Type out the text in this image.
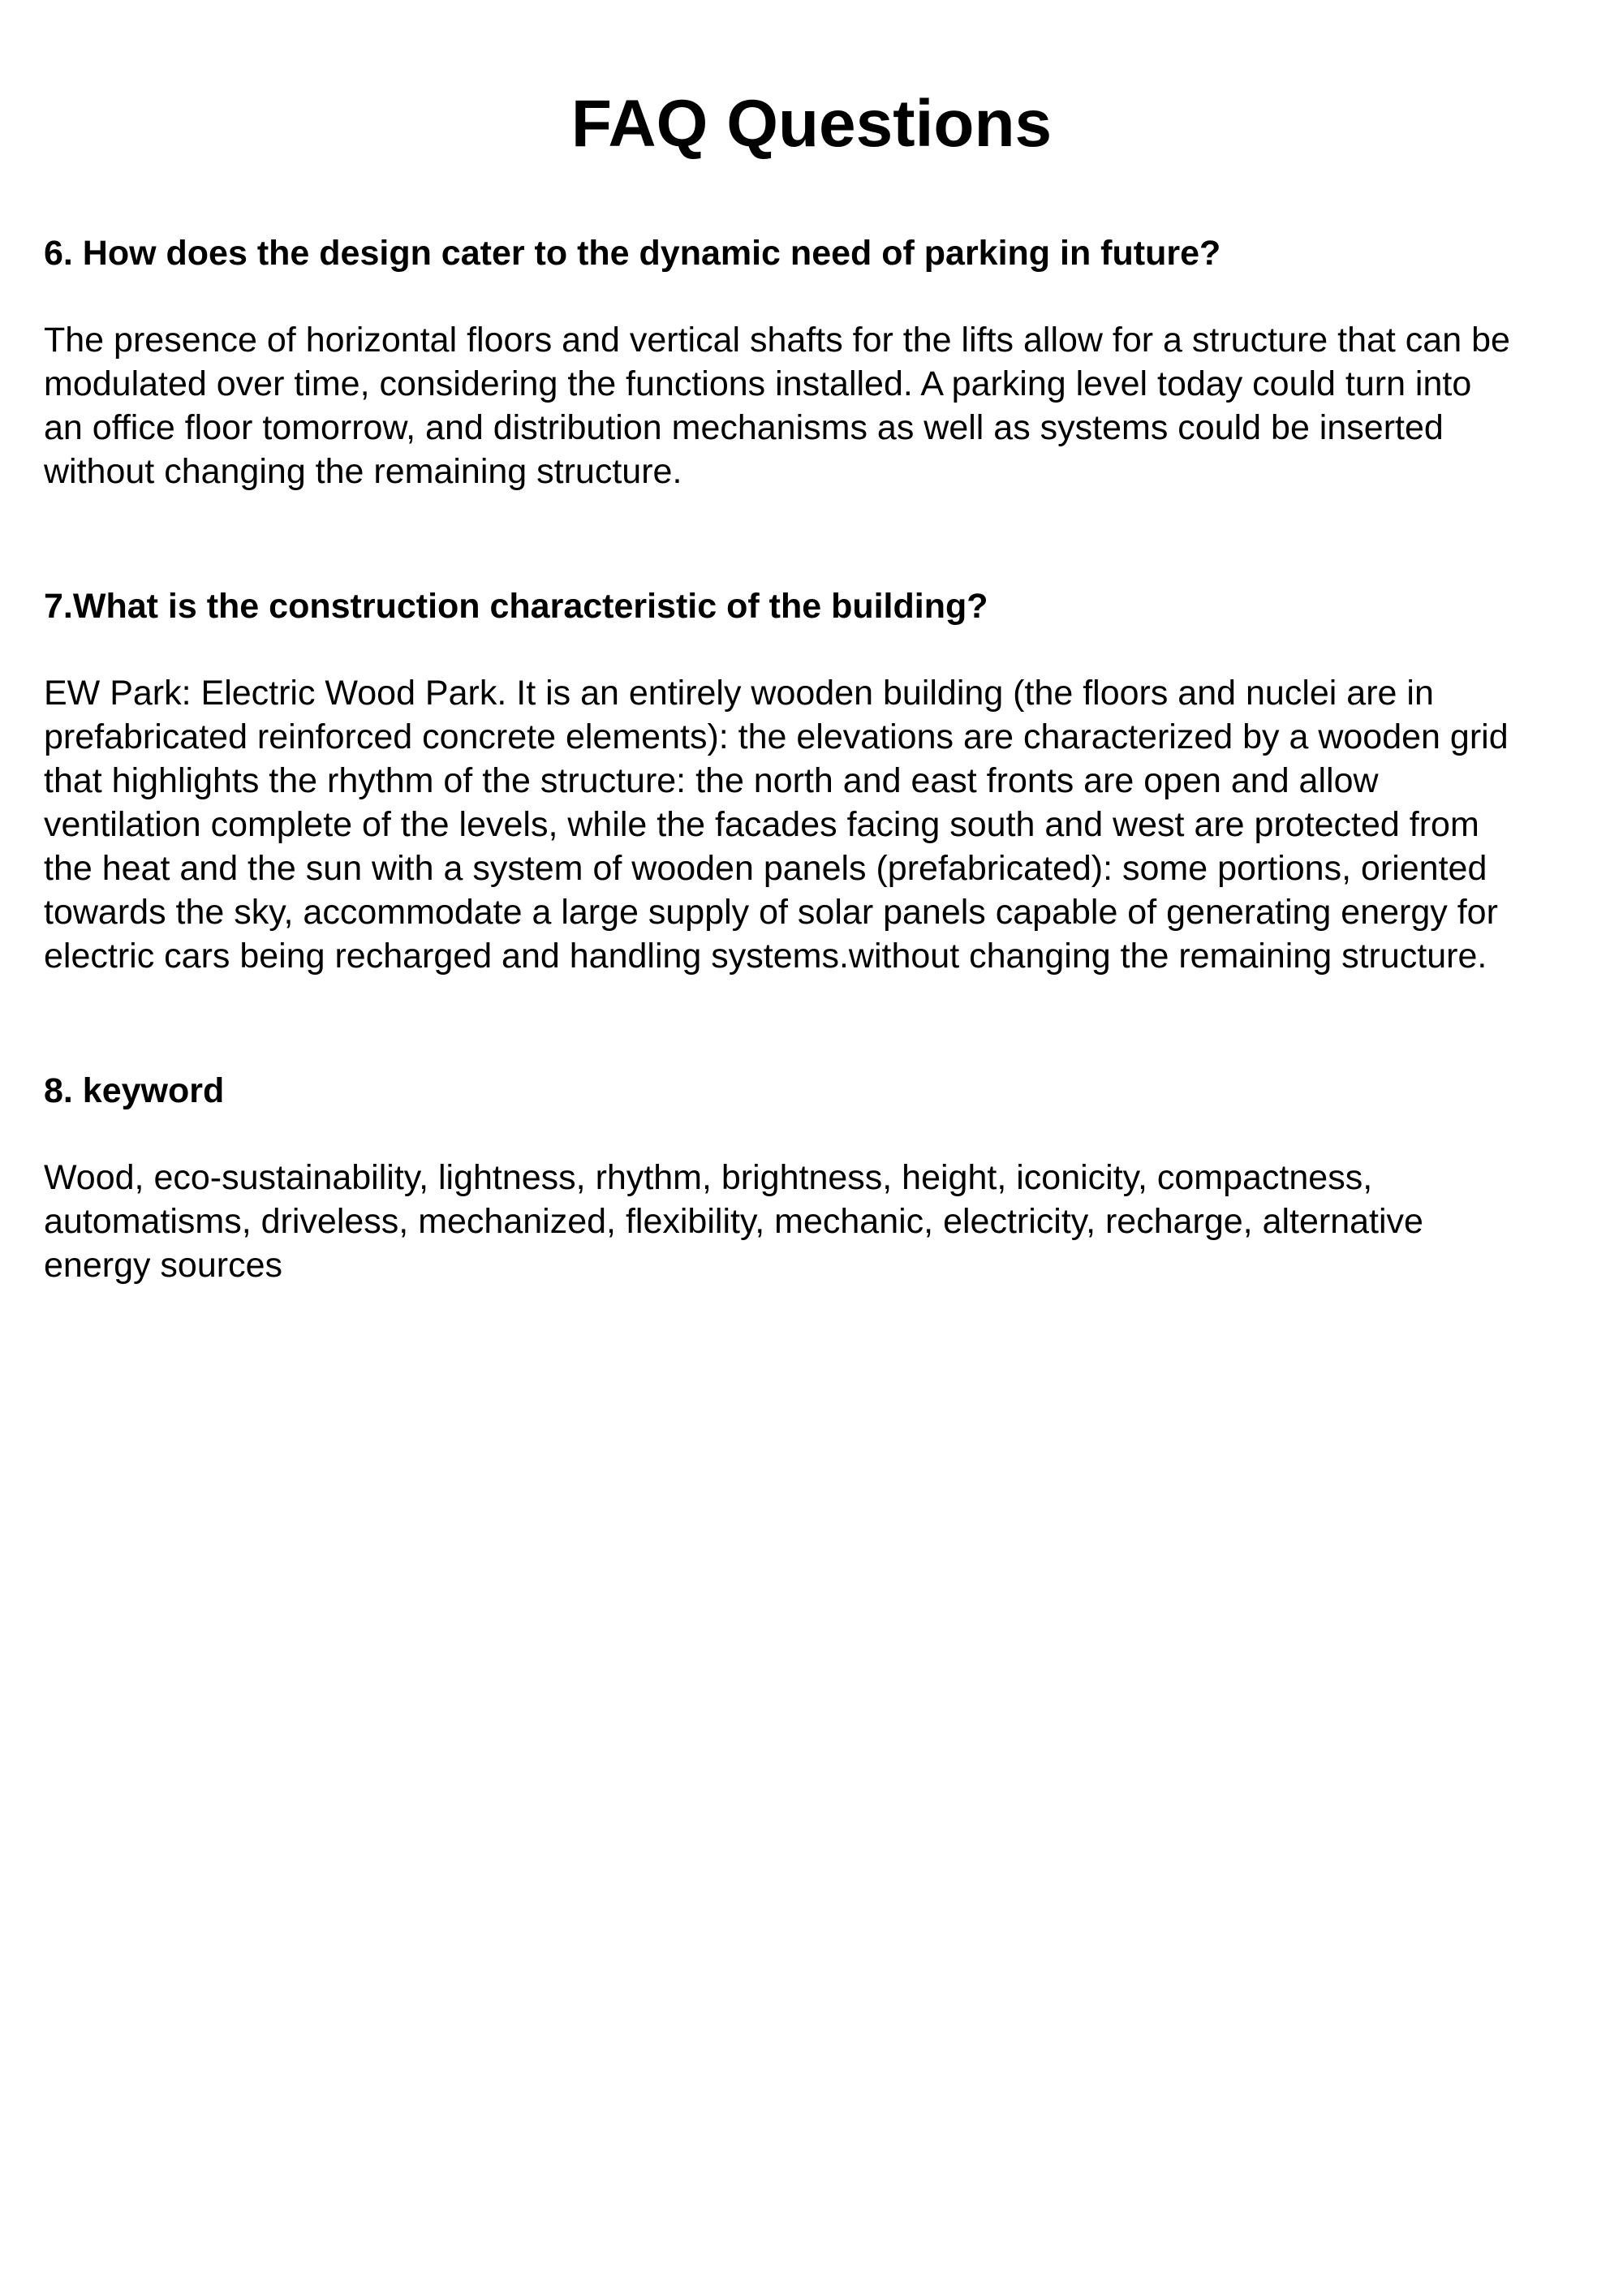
FAQ Questions
6. How does the design cater to the dynamic need of parking in future?
The presence of horizontal floors and vertical shafts for the lifts allow for a structure that can be
modulated over time, considering the functions installed. A parking level today could turn into
an office floor tomorrow, and distribution mechanisms as well as systems could be inserted
without changing the remaining structure.
7.What is the construction characteristic of the building?
EW Park: Electric Wood Park. It is an entirely wooden building (the floors and nuclei are in
prefabricated reinforced concrete elements): the elevations are characterized by a wooden grid
that highlights the rhythm of the structure: the north and east fronts are open and allow
ventilation complete of the levels, while the facades facing south and west are protected from
the heat and the sun with a system of wooden panels (prefabricated): some portions, oriented
towards the sky, accommodate a large supply of solar panels capable of generating energy for
electric cars being recharged and handling systems.without changing the remaining structure.
8. keyword
Wood, eco-sustainability, lightness, rhythm, brightness, height, iconicity, compactness,
automatisms, driveless, mechanized, flexibility, mechanic, electricity, recharge, alternative
energy sources
